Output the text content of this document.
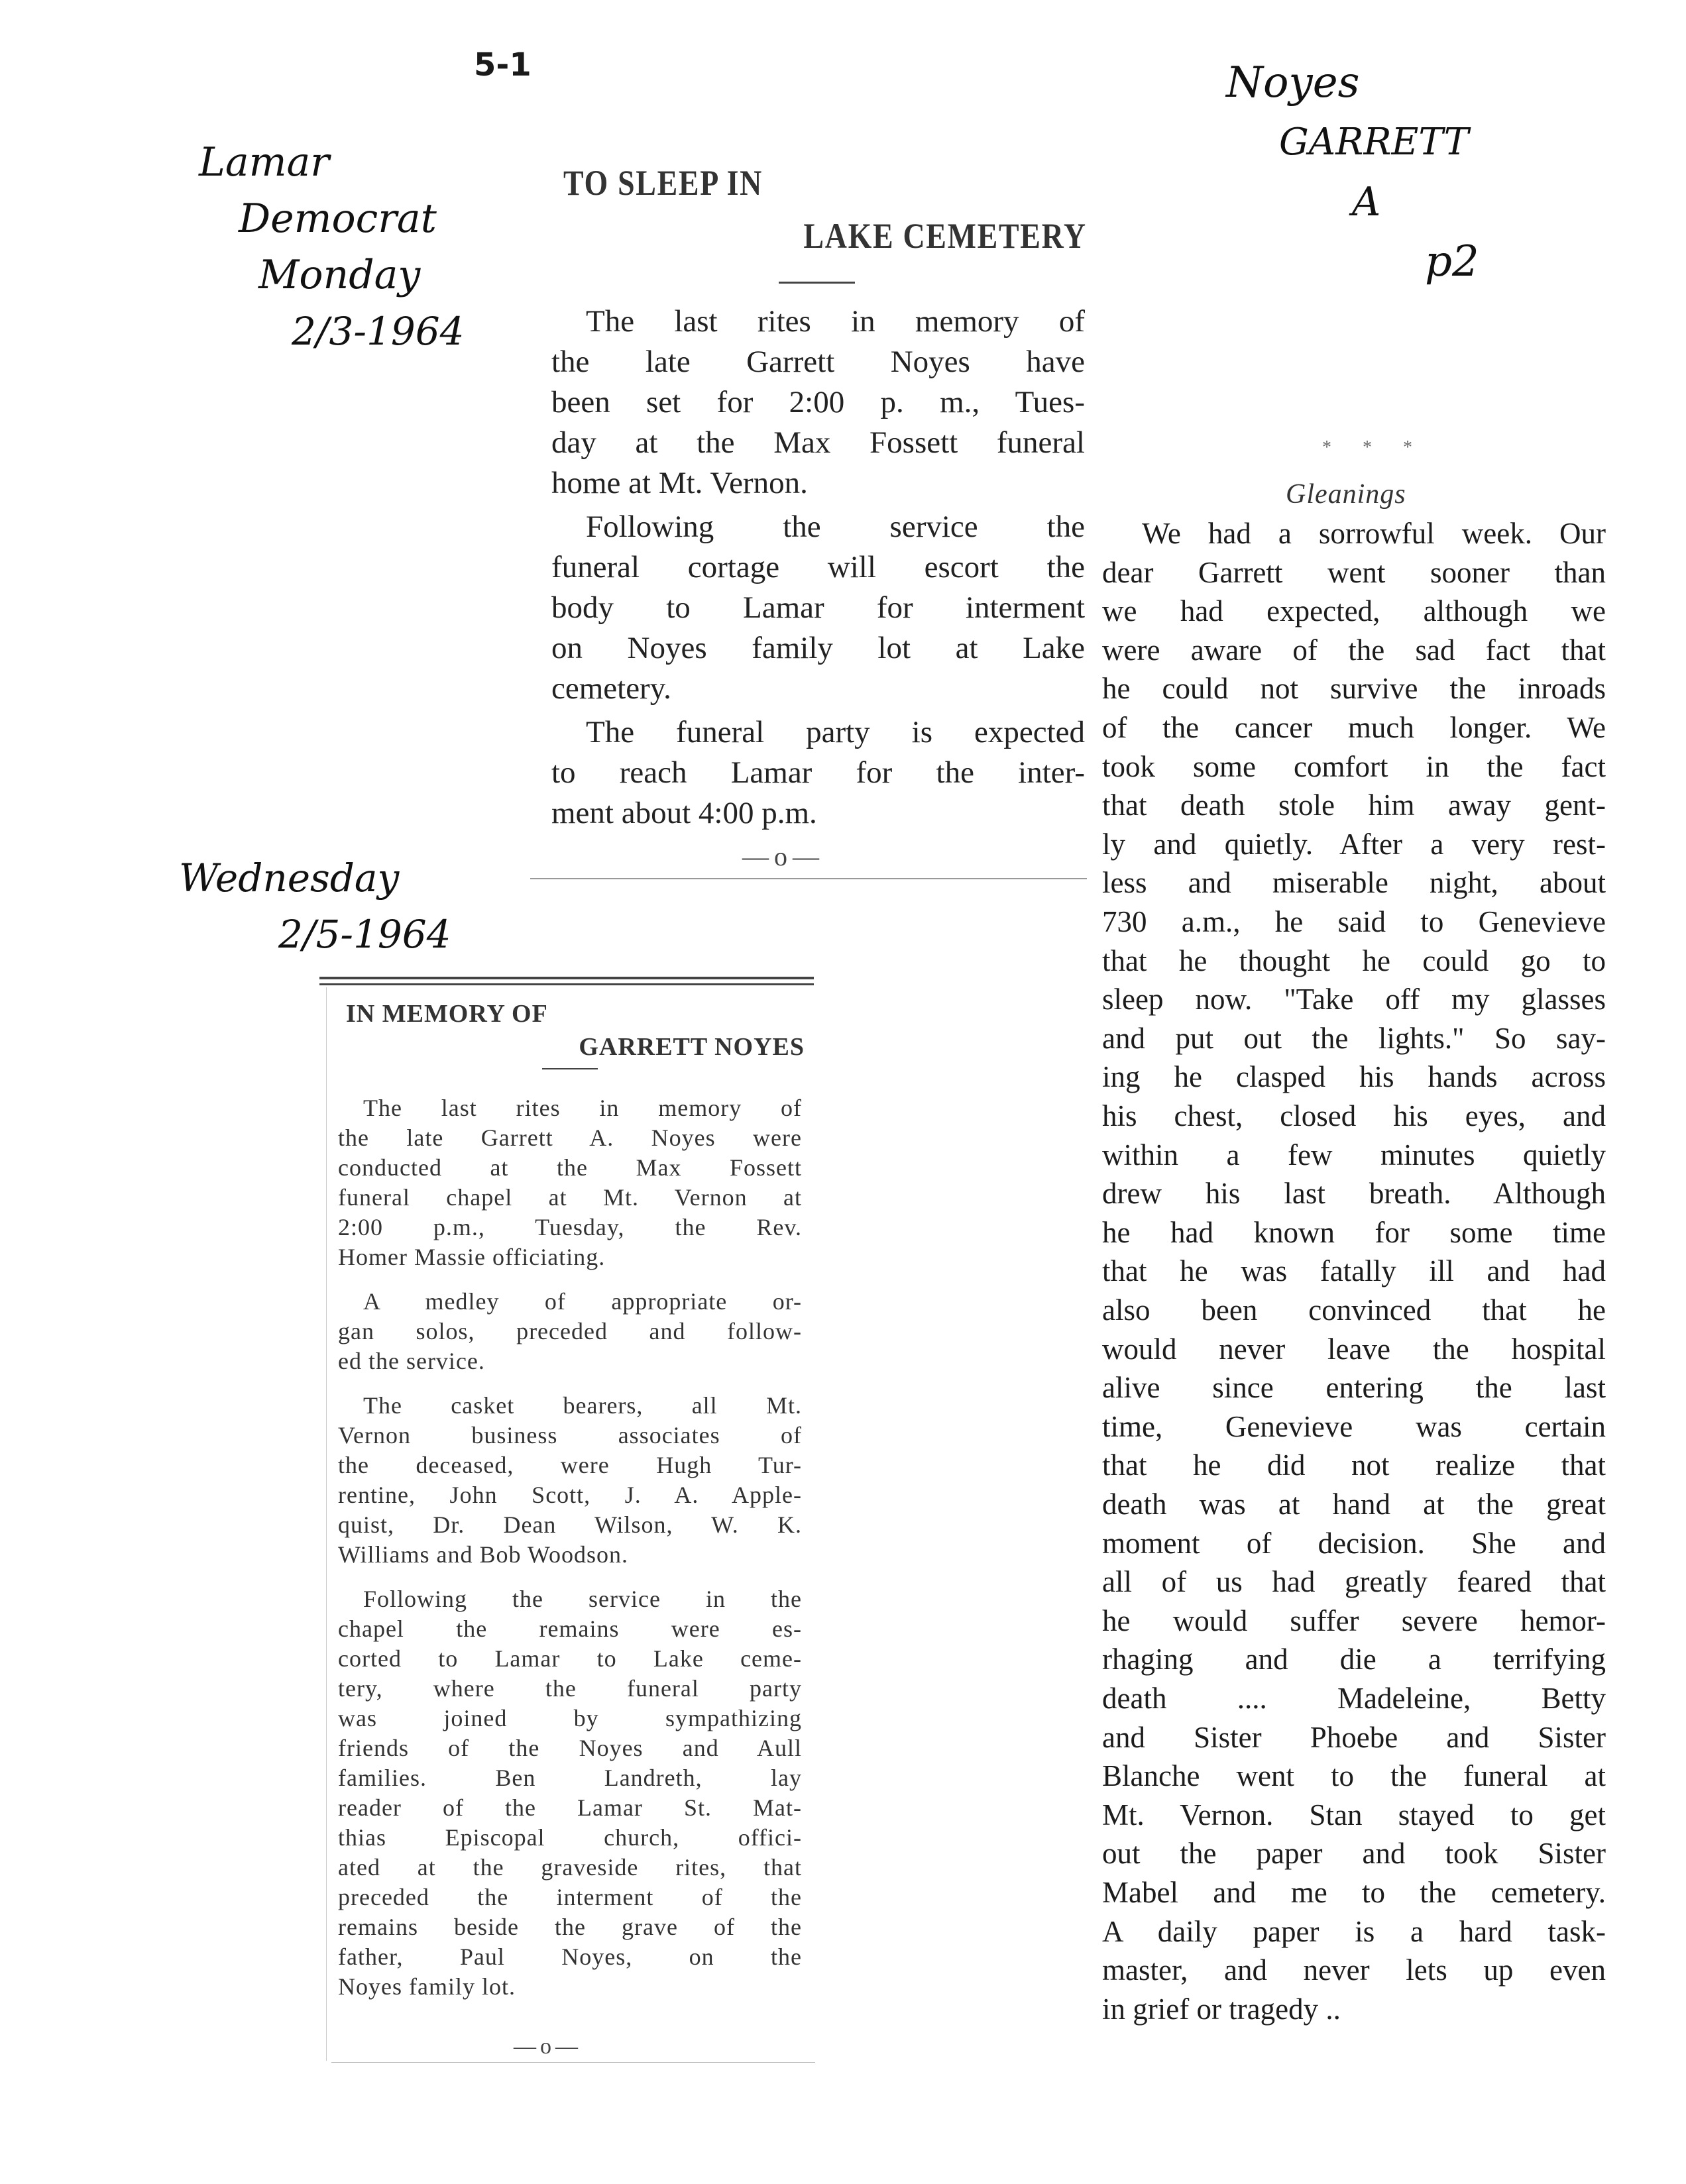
5-1
Lamar
Democrat
Monday
2/3-1964
Wednesday
2/5-1964
Noyes
GARRETT
A
p2
TO SLEEP IN
LAKE CEMETERY
The last rites in memory of
the late Garrett Noyes have
been set for 2:00 p. m., Tues-
day at the Max Fossett funeral
home at Mt. Vernon.
Following the service the
funeral cortage will escort the
body to Lamar for interment
on Noyes family lot at Lake
cemetery.
The funeral party is expected
to reach Lamar for the inter-
ment about 4:00 p.m.
—o—
IN MEMORY OF
GARRETT NOYES
The last rites in memory of
the late Garrett A. Noyes were
conducted at the Max Fossett
funeral chapel at Mt. Vernon at
2:00 p.m., Tuesday, the Rev.
Homer Massie officiating.
A medley of appropriate or-
gan solos, preceded and follow-
ed the service.
The casket bearers, all Mt.
Vernon business associates of
the deceased, were Hugh Tur-
rentine, John Scott, J. A. Apple-
quist, Dr. Dean Wilson, W. K.
Williams and Bob Woodson.
Following the service in the
chapel the remains were es-
corted to Lamar to Lake ceme-
tery, where the funeral party
was joined by sympathizing
friends of the Noyes and Aull
families. Ben Landreth, lay
reader of the Lamar St. Mat-
thias Episcopal church, offici-
ated at the graveside rites, that
preceded the interment of the
remains beside the grave of the
father, Paul Noyes, on the
Noyes family lot.
—o—
* * *
Gleanings
We had a sorrowful week. Our
dear Garrett went sooner than
we had expected, although we
were aware of the sad fact that
he could not survive the inroads
of the cancer much longer. We
took some comfort in the fact
that death stole him away gent-
ly and quietly. After a very rest-
less and miserable night, about
730 a.m., he said to Genevieve
that he thought he could go to
sleep now. "Take off my glasses
and put out the lights." So say-
ing he clasped his hands across
his chest, closed his eyes, and
within a few minutes quietly
drew his last breath. Although
he had known for some time
that he was fatally ill and had
also been convinced that he
would never leave the hospital
alive since entering the last
time, Genevieve was certain
that he did not realize that
death was at hand at the great
moment of decision. She and
all of us had greatly feared that
he would suffer severe hemor-
rhaging and die a terrifying
death .... Madeleine, Betty
and Sister Phoebe and Sister
Blanche went to the funeral at
Mt. Vernon. Stan stayed to get
out the paper and took Sister
Mabel and me to the cemetery.
A daily paper is a hard task-
master, and never lets up even
in grief or tragedy ..
